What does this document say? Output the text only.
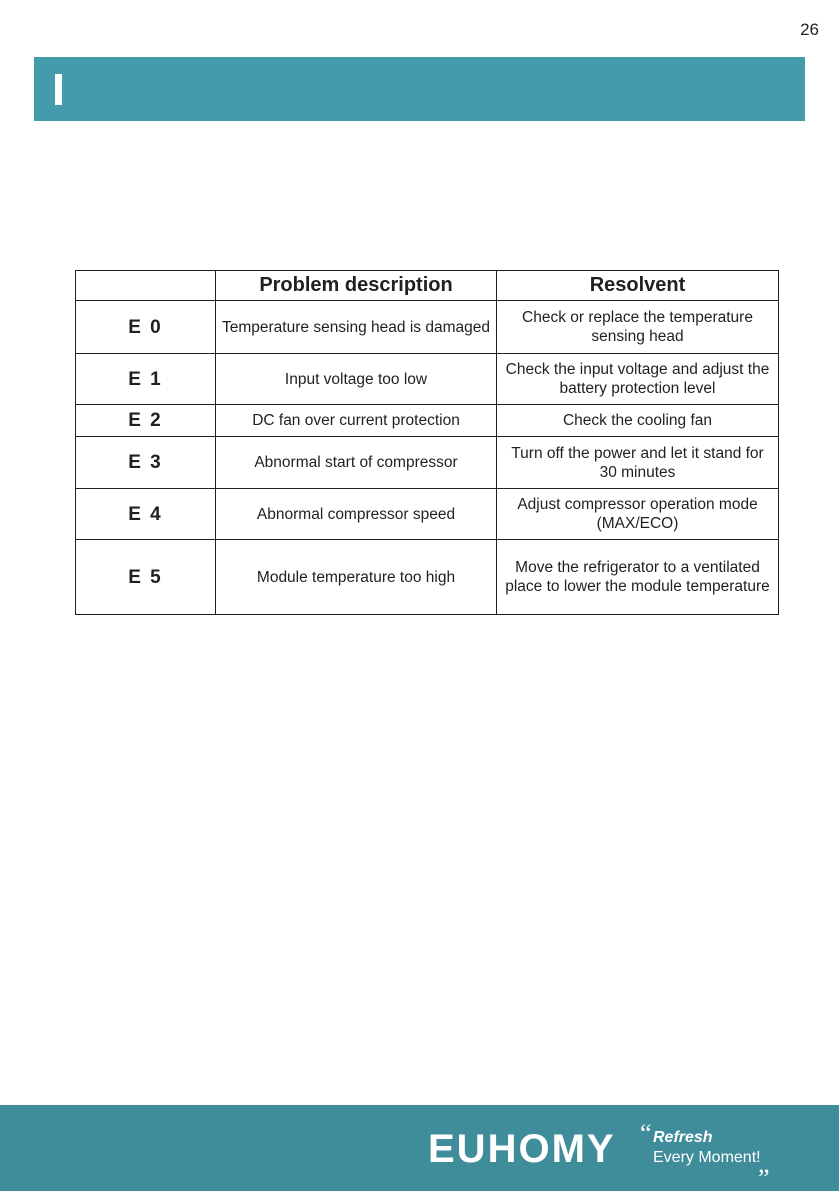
26
	Problem description	Resolvent
E 0	Temperature sensing head is damaged	Check or replace the temperature sensing head
E 1	Input voltage too low	Check the input voltage and adjust the battery protection level
E 2	DC fan over current protection	Check the cooling fan
E 3	Abnormal start of compressor	Turn off the power and let it stand for 30 minutes
E 4	Abnormal compressor speed	Adjust compressor operation mode (MAX/ECO)
E 5	Module temperature too high	Move the refrigerator to a ventilated place to lower the module temperature
EUHOMY “ Refresh
Every Moment!
„
